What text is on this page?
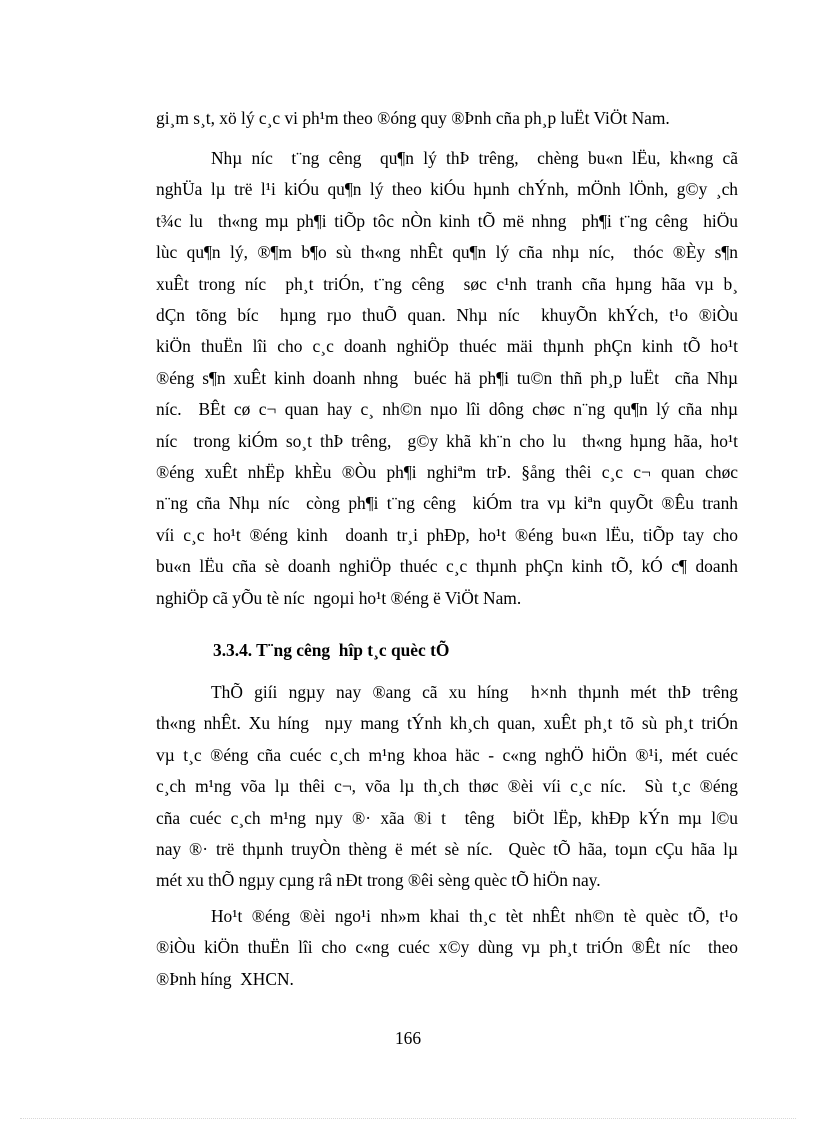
gi¸m s¸t, xö lý c¸c vi ph¹m theo ®óng quy ®Þnh cña ph¸p luËt ViÖt Nam.
Nhµ níc  t¨ng cêng  qu¶n lý thÞ trêng,  chèng bu«n lËu, kh«ng cã
nghÜa lµ trë l¹i kiÓu qu¶n lý theo kiÓu hµnh chÝnh, mÖnh lÖnh, g©y ¸ch
t¾c lu  th«ng mµ ph¶i tiÕp tôc nÒn kinh tÕ më nhng  ph¶i t¨ng cêng  hiÖu
lùc qu¶n lý, ®¶m b¶o sù th«ng nhÊt qu¶n lý cña nhµ níc,  thóc ®Èy s¶n
xuÊt trong níc  ph¸t triÓn, t¨ng cêng  søc c¹nh tranh cña hµng hãa vµ b¸
dÇn tõng bíc  hµng rµo thuÕ quan. Nhµ níc  khuyÕn khÝch, t¹o ®iÒu
kiÖn thuËn lîi cho c¸c doanh nghiÖp thuéc mäi thµnh phÇn kinh tÕ ho¹t
®éng s¶n xuÊt kinh doanh nhng  buéc hä ph¶i tu©n thñ ph¸p luËt  cña Nhµ
níc.  BÊt cø c¬ quan hay c¸ nh©n nµo lîi dông chøc n¨ng qu¶n lý cña nhµ
níc  trong kiÓm so¸t thÞ trêng,  g©y khã kh¨n cho lu  th«ng hµng hãa, ho¹t
®éng xuÊt nhËp khÈu ®Òu ph¶i nghiªm trÞ. §ång thêi c¸c c¬ quan chøc
n¨ng cña Nhµ níc  còng ph¶i t¨ng cêng  kiÓm tra vµ kiªn quyÕt ®Êu tranh
víi c¸c ho¹t ®éng kinh  doanh tr¸i phÐp, ho¹t ®éng bu«n lËu, tiÕp tay cho
bu«n lËu cña sè doanh nghiÖp thuéc c¸c thµnh phÇn kinh tÕ, kÓ c¶ doanh
nghiÖp cã yÕu tè níc  ngoµi ho¹t ®éng ë ViÖt Nam.
3.3.4. T¨ng cêng  hîp t¸c quèc tÕ
ThÕ giíi ngµy nay ®ang cã xu híng  h×nh thµnh mét thÞ trêng
th«ng nhÊt. Xu híng  nµy mang tÝnh kh¸ch quan, xuÊt ph¸t tõ sù ph¸t triÓn
vµ t¸c ®éng cña cuéc c¸ch m¹ng khoa häc - c«ng nghÖ hiÖn ®¹i, mét cuéc
c¸ch m¹ng võa lµ thêi c¬, võa lµ th¸ch thøc ®èi víi c¸c níc.  Sù t¸c ®éng
cña cuéc c¸ch m¹ng nµy ®· xãa ®i t  têng  biÖt lËp, khÐp kÝn mµ l©u
nay ®· trë thµnh truyÒn thèng ë mét sè níc.  Quèc tÕ hãa, toµn cÇu hãa lµ
mét xu thÕ ngµy cµng râ nÐt trong ®êi sèng quèc tÕ hiÖn nay.
Ho¹t ®éng ®èi ngo¹i nh»m khai th¸c tèt nhÊt nh©n tè quèc tÕ, t¹o
®iÒu kiÖn thuËn lîi cho c«ng cuéc x©y dùng vµ ph¸t triÓn ®Êt níc  theo
®Þnh híng  XHCN.
166
